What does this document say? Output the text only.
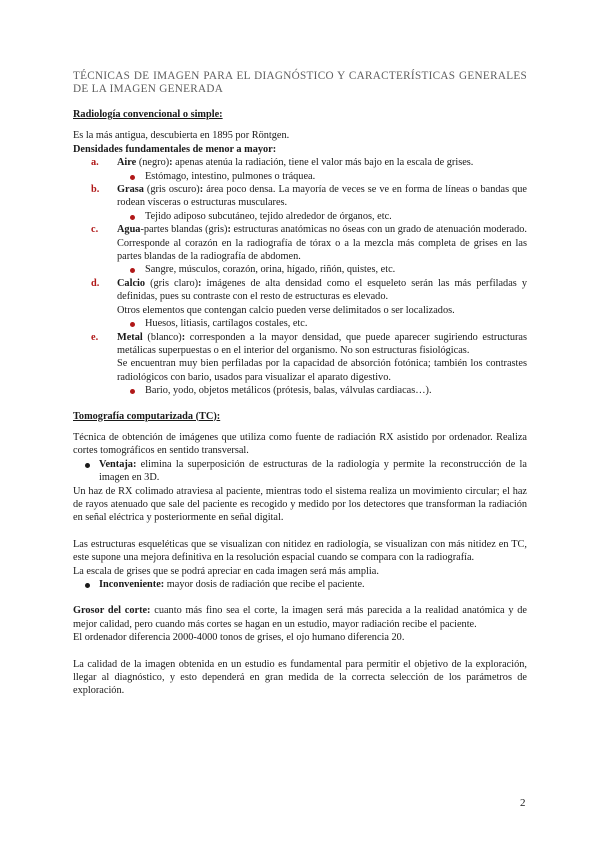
TÉCNICAS DE IMAGEN PARA EL DIAGNÓSTICO Y CARACTERÍSTICAS GENERALES DE LA IMAGEN GENERADA
Radiología convencional o simple:
Es la más antigua, descubierta en 1895 por Röntgen.
Densidades fundamentales de menor a mayor:
a. Aire (negro): apenas atenúa la radiación, tiene el valor más bajo en la escala de grises.
Estómago, intestino, pulmones o tráquea.
b. Grasa (gris oscuro): área poco densa. La mayoría de veces se ve en forma de líneas o bandas que rodean vísceras o estructuras musculares.
Tejido adiposo subcutáneo, tejido alrededor de órganos, etc.
c. Agua-partes blandas (gris): estructuras anatómicas no óseas con un grado de atenuación moderado. Corresponde al corazón en la radiografía de tórax o a la mezcla más completa de grises en las partes blandas de la radiografía de abdomen.
Sangre, músculos, corazón, orina, hígado, riñón, quistes, etc.
d. Calcio (gris claro): imágenes de alta densidad como el esqueleto serán las más perfiladas y definidas, pues su contraste con el resto de estructuras es elevado.
Otros elementos que contengan calcio pueden verse delimitados o ser localizados.
Huesos, litiasis, cartílagos costales, etc.
e. Metal (blanco): corresponden a la mayor densidad, que puede aparecer sugiriendo estructuras metálicas superpuestas o en el interior del organismo. No son estructuras fisiológicas.
Se encuentran muy bien perfiladas por la capacidad de absorción fotónica; también los contrastes radiológicos con bario, usados para visualizar el aparato digestivo.
Bario, yodo, objetos metálicos (prótesis, balas, válvulas cardiacas…).
Tomografía computarizada (TC):
Técnica de obtención de imágenes que utiliza como fuente de radiación RX asistido por ordenador. Realiza cortes tomográficos en sentido transversal.
Ventaja: elimina la superposición de estructuras de la radiología y permite la reconstrucción de la imagen en 3D.
Un haz de RX colimado atraviesa al paciente, mientras todo el sistema realiza un movimiento circular; el haz de rayos atenuado que sale del paciente es recogido y medido por los detectores que transforman la radiación en señal eléctrica y posteriormente en señal digital.
Las estructuras esqueléticas que se visualizan con nitidez en radiología, se visualizan con más nitidez en TC, este supone una mejora definitiva en la resolución espacial cuando se compara con la radiografía.
La escala de grises que se podrá apreciar en cada imagen será más amplia.
Inconveniente: mayor dosis de radiación que recibe el paciente.
Grosor del corte: cuanto más fino sea el corte, la imagen será más parecida a la realidad anatómica y de mejor calidad, pero cuando más cortes se hagan en un estudio, mayor radiación recibe el paciente.
El ordenador diferencia 2000-4000 tonos de grises, el ojo humano diferencia 20.
La calidad de la imagen obtenida en un estudio es fundamental para permitir el objetivo de la exploración, llegar al diagnóstico, y esto dependerá en gran medida de la correcta selección de los parámetros de exploración.
2
